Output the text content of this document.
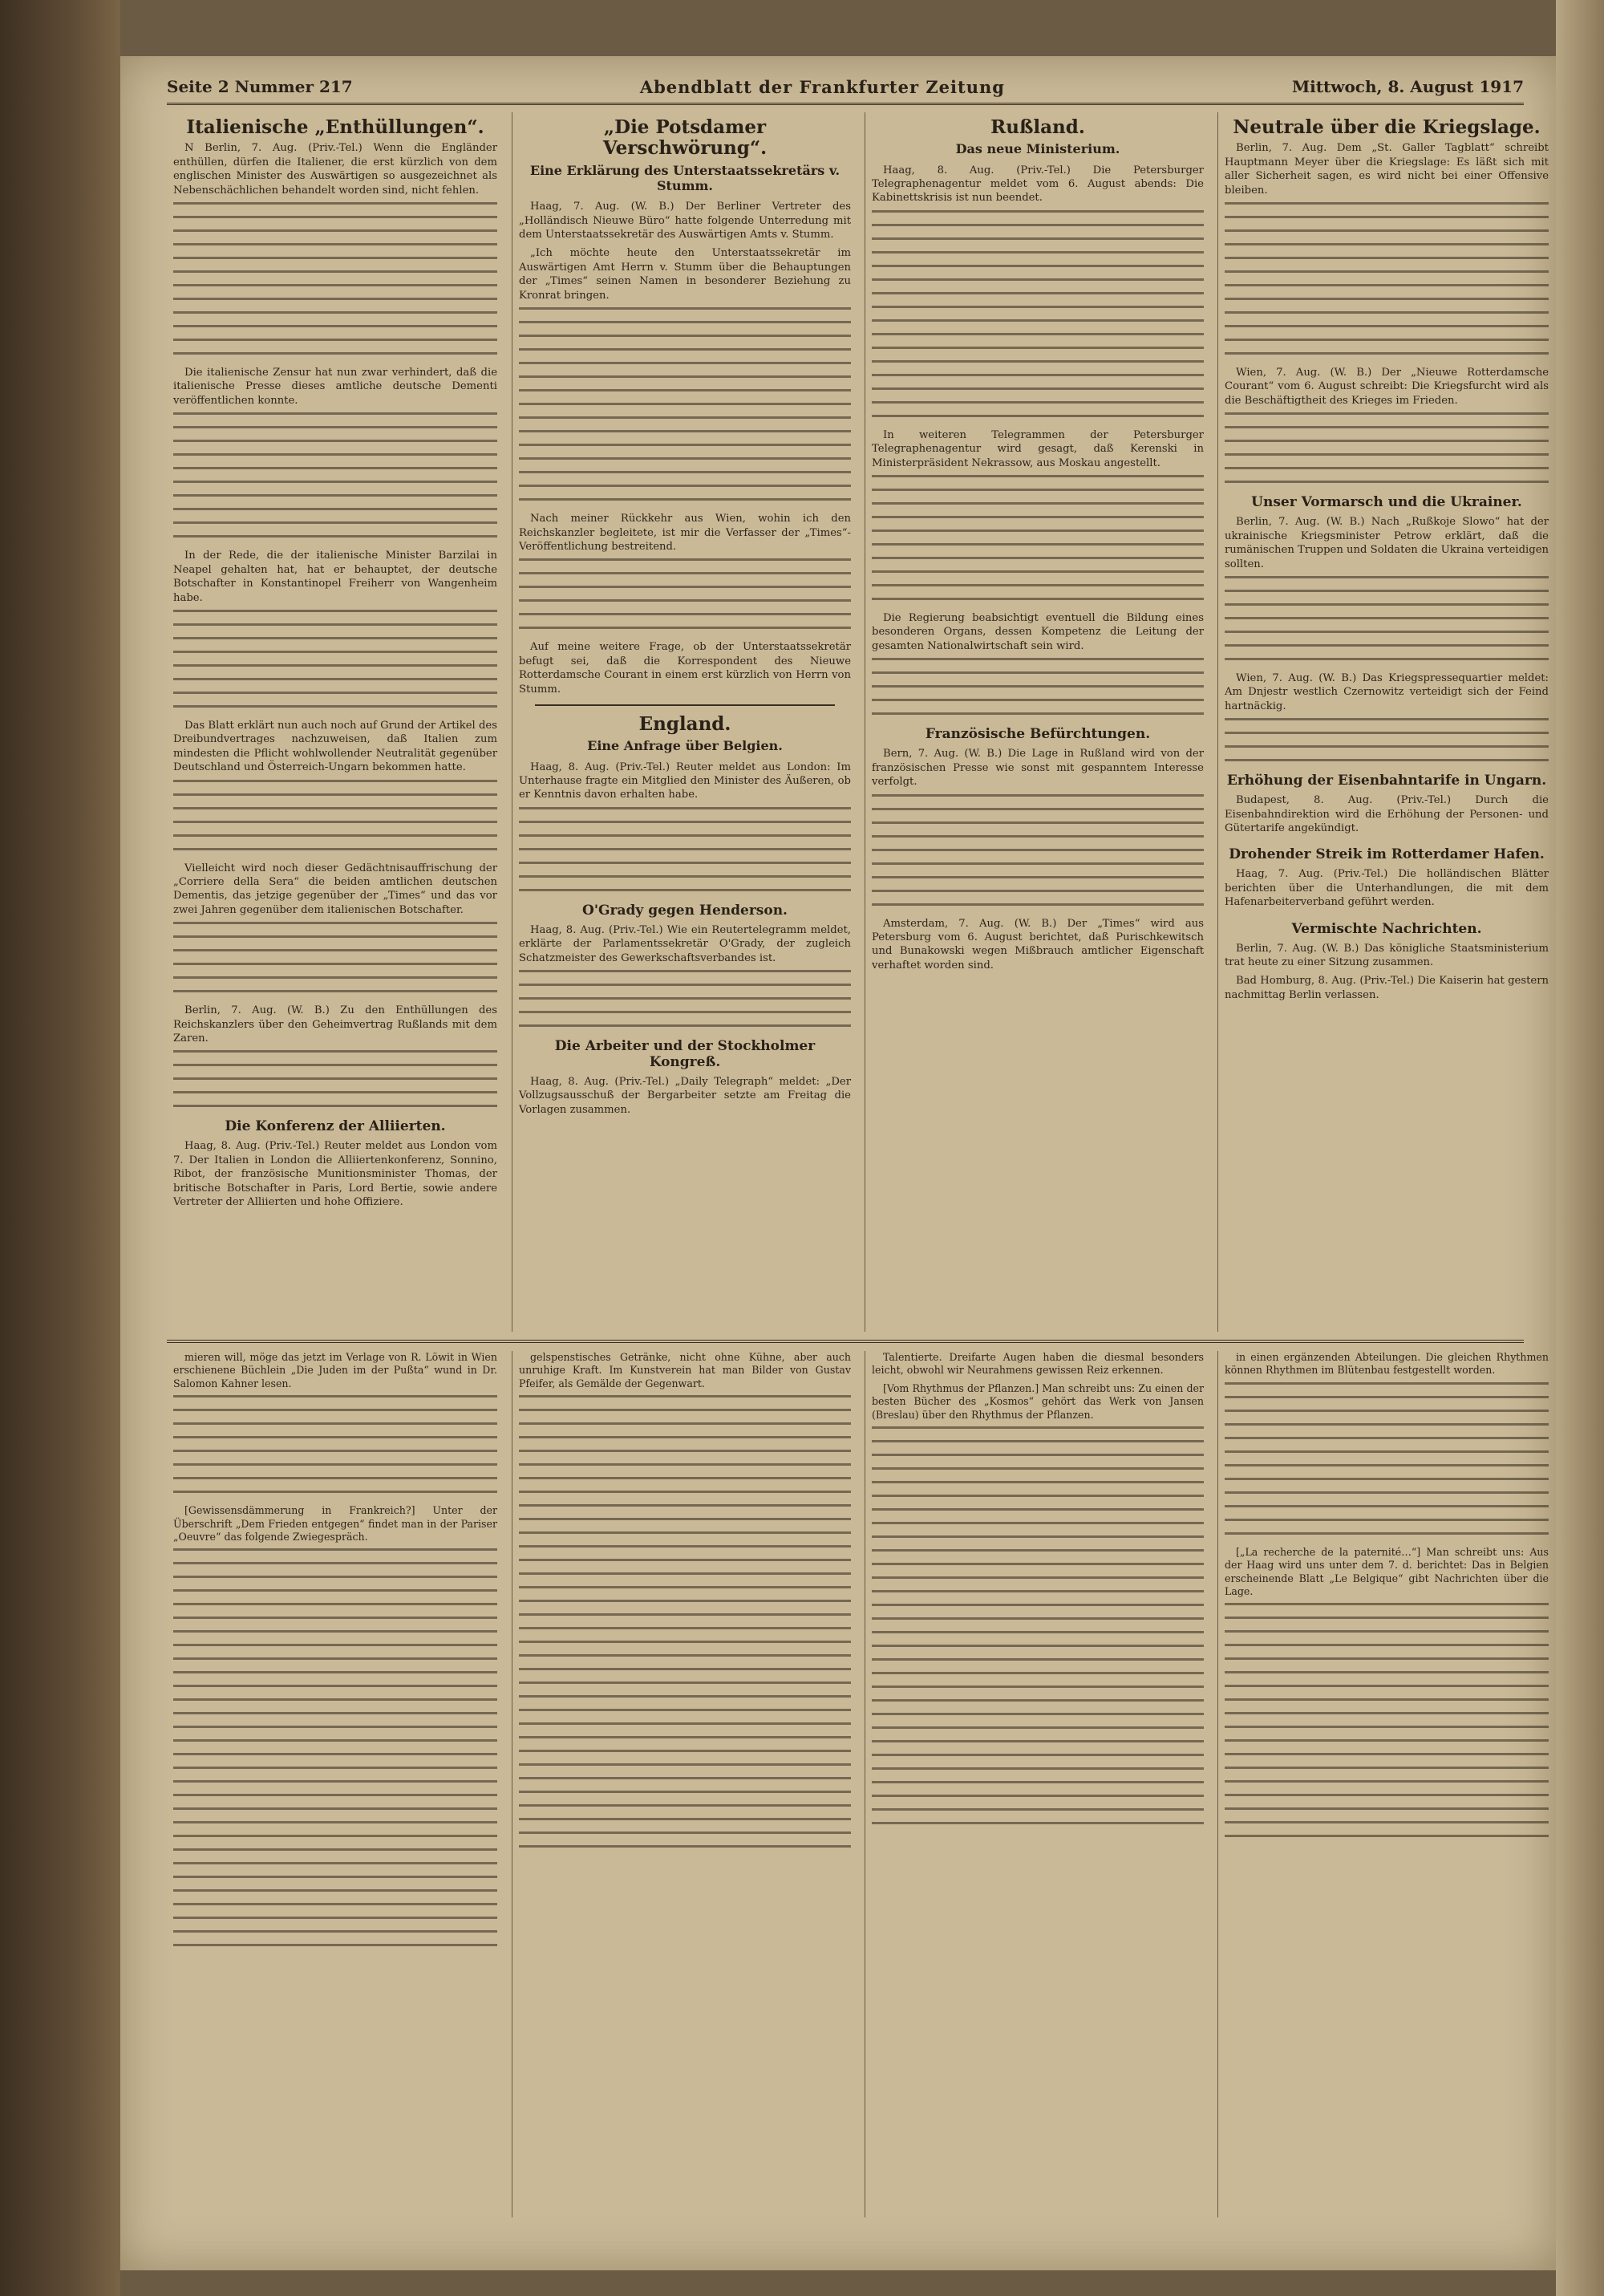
Seite 2 Nummer 217	Abendblatt der Frankfurter Zeitung	Mittwoch, 8. August 1917
Italienische „Enthüllungen“.

N Berlin, 7. Aug. (Priv.-Tel.) Wenn die Engländer enthüllen, dürfen die Italiener, die erst kürzlich von dem englischen Minister des Auswärtigen so ausgezeichnet als Nebenschächlichen behandelt worden sind, nicht fehlen.

Die italienische Zensur hat nun zwar verhindert, daß die italienische Presse dieses amtliche deutsche Dementi veröffentlichen konnte.

In der Rede, die der italienische Minister Barzilai in Neapel gehalten hat, hat er behauptet, der deutsche Botschafter in Konstantinopel Freiherr von Wangenheim habe.

Das Blatt erklärt nun auch noch auf Grund der Artikel des Dreibundvertrages nachzuweisen, daß Italien zum mindesten die Pflicht wohlwollender Neutralität gegenüber Deutschland und Österreich-Ungarn bekommen hatte.

Vielleicht wird noch dieser Gedächtnisauffrischung der „Corriere della Sera“ die beiden amtlichen deutschen Dementis, das jetzige gegenüber der „Times“ und das vor zwei Jahren gegenüber dem italienischen Botschafter.

Berlin, 7. Aug. (W. B.) Zu den Enthüllungen des Reichskanzlers über den Geheimvertrag Rußlands mit dem Zaren.

Die Konferenz der Alliierten.

Haag, 8. Aug. (Priv.-Tel.) Reuter meldet aus London vom 7. Der Italien in London die Alliiertenkonferenz, Sonnino, Ribot, der französische Munitionsminister Thomas, der britische Botschafter in Paris, Lord Bertie, sowie andere Vertreter der Alliierten und hohe Offiziere.

„Die Potsdamer Verschwörung“.
Eine Erklärung des Unterstaatssekretärs v. Stumm.

Haag, 7. Aug. (W. B.) Der Berliner Vertreter des „Holländisch Nieuwe Büro“ hatte folgende Unterredung mit dem Unterstaatssekretär des Auswärtigen Amts v. Stumm.

„Ich möchte heute den Unterstaatssekretär im Auswärtigen Amt Herrn v. Stumm über die Behauptungen der „Times“ seinen Namen in besonderer Beziehung zu Kronrat bringen.

Nach meiner Rückkehr aus Wien, wohin ich den Reichskanzler begleitete, ist mir die Verfasser der „Times“-Veröffentlichung bestreitend.

Auf meine weitere Frage, ob der Unterstaatssekretär befugt sei, daß die Korrespondent des Nieuwe Rotterdamsche Courant in einem erst kürzlich von Herrn von Stumm.

England.
Eine Anfrage über Belgien.

Haag, 8. Aug. (Priv.-Tel.) Reuter meldet aus London: Im Unterhause fragte ein Mitglied den Minister des Äußeren, ob er Kenntnis davon erhalten habe.

O'Grady gegen Henderson.

Haag, 8. Aug. (Priv.-Tel.) Wie ein Reutertelegramm meldet, erklärte der Parlamentssekretär O'Grady, der zugleich Schatzmeister des Gewerkschaftsverbandes ist.

Die Arbeiter und der Stockholmer Kongreß.

Haag, 8. Aug. (Priv.-Tel.) „Daily Telegraph“ meldet: „Der Vollzugsausschuß der Bergarbeiter setzte am Freitag die Vorlagen zusammen.

Rußland.
Das neue Ministerium.

Haag, 8. Aug. (Priv.-Tel.) Die Petersburger Telegraphenagentur meldet vom 6. August abends: Die Kabinettskrisis ist nun beendet.

In weiteren Telegrammen der Petersburger Telegraphenagentur wird gesagt, daß Kerenski in Ministerpräsident Nekrassow, aus Moskau angestellt.

Die Regierung beabsichtigt eventuell die Bildung eines besonderen Organs, dessen Kompetenz die Leitung der gesamten Nationalwirtschaft sein wird.

Französische Befürchtungen.

Bern, 7. Aug. (W. B.) Die Lage in Rußland wird von der französischen Presse wie sonst mit gespanntem Interesse verfolgt.

Amsterdam, 7. Aug. (W. B.) Der „Times“ wird aus Petersburg vom 6. August berichtet, daß Purischkewitsch und Bunakowski wegen Mißbrauch amtlicher Eigenschaft verhaftet worden sind.

Neutrale über die Kriegslage.

Berlin, 7. Aug. Dem „St. Galler Tagblatt“ schreibt Hauptmann Meyer über die Kriegslage: Es läßt sich mit aller Sicherheit sagen, es wird nicht bei einer Offensive bleiben.

Wien, 7. Aug. (W. B.) Der „Nieuwe Rotterdamsche Courant“ vom 6. August schreibt: Die Kriegsfurcht wird als die Beschäftigtheit des Krieges im Frieden.

Unser Vormarsch und die Ukrainer.

Berlin, 7. Aug. (W. B.) Nach „Rußkoje Slowo“ hat der ukrainische Kriegsminister Petrow erklärt, daß die rumänischen Truppen und Soldaten die Ukraina verteidigen sollten.

Wien, 7. Aug. (W. B.) Das Kriegspressequartier meldet: Am Dnjestr westlich Czernowitz verteidigt sich der Feind hartnäckig.

Erhöhung der Eisenbahntarife in Ungarn.

Budapest, 8. Aug. (Priv.-Tel.) Durch die Eisenbahndirektion wird die Erhöhung der Personen- und Gütertarife angekündigt.

Drohender Streik im Rotterdamer Hafen.

Haag, 7. Aug. (Priv.-Tel.) Die holländischen Blätter berichten über die Unterhandlungen, die mit dem Hafenarbeiterverband geführt werden.

Vermischte Nachrichten.

Berlin, 7. Aug. (W. B.) Das königliche Staatsministerium trat heute zu einer Sitzung zusammen.

Bad Homburg, 8. Aug. (Priv.-Tel.) Die Kaiserin hat gestern nachmittag Berlin verlassen.

mieren will, möge das jetzt im Verlage von R. Löwit in Wien erschienene Büchlein „Die Juden im der Pußta“ wund in Dr. Salomon Kahner lesen.

[Gewissensdämmerung in Frankreich?] Unter der Überschrift „Dem Frieden entgegen“ findet man in der Pariser „Oeuvre“ das folgende Zwiegespräch.

gelspenstisches Getränke, nicht ohne Kühne, aber auch unruhige Kraft. Im Kunstverein hat man Bilder von Gustav Pfeifer, als Gemälde der Gegenwart.

Talentierte. Dreifarte Augen haben die diesmal besonders leicht, obwohl wir Neurahmens gewissen Reiz erkennen.

[Vom Rhythmus der Pflanzen.] Man schreibt uns: Zu einen der besten Bücher des „Kosmos“ gehört das Werk von Jansen (Breslau) über den Rhythmus der Pflanzen.

in einen ergänzenden Abteilungen. Die gleichen Rhythmen können Rhythmen im Blütenbau festgestellt worden.

[„La recherche de la paternité…“] Man schreibt uns: Aus der Haag wird uns unter dem 7. d. berichtet: Das in Belgien erscheinende Blatt „Le Belgique“ gibt Nachrichten über die Lage.
